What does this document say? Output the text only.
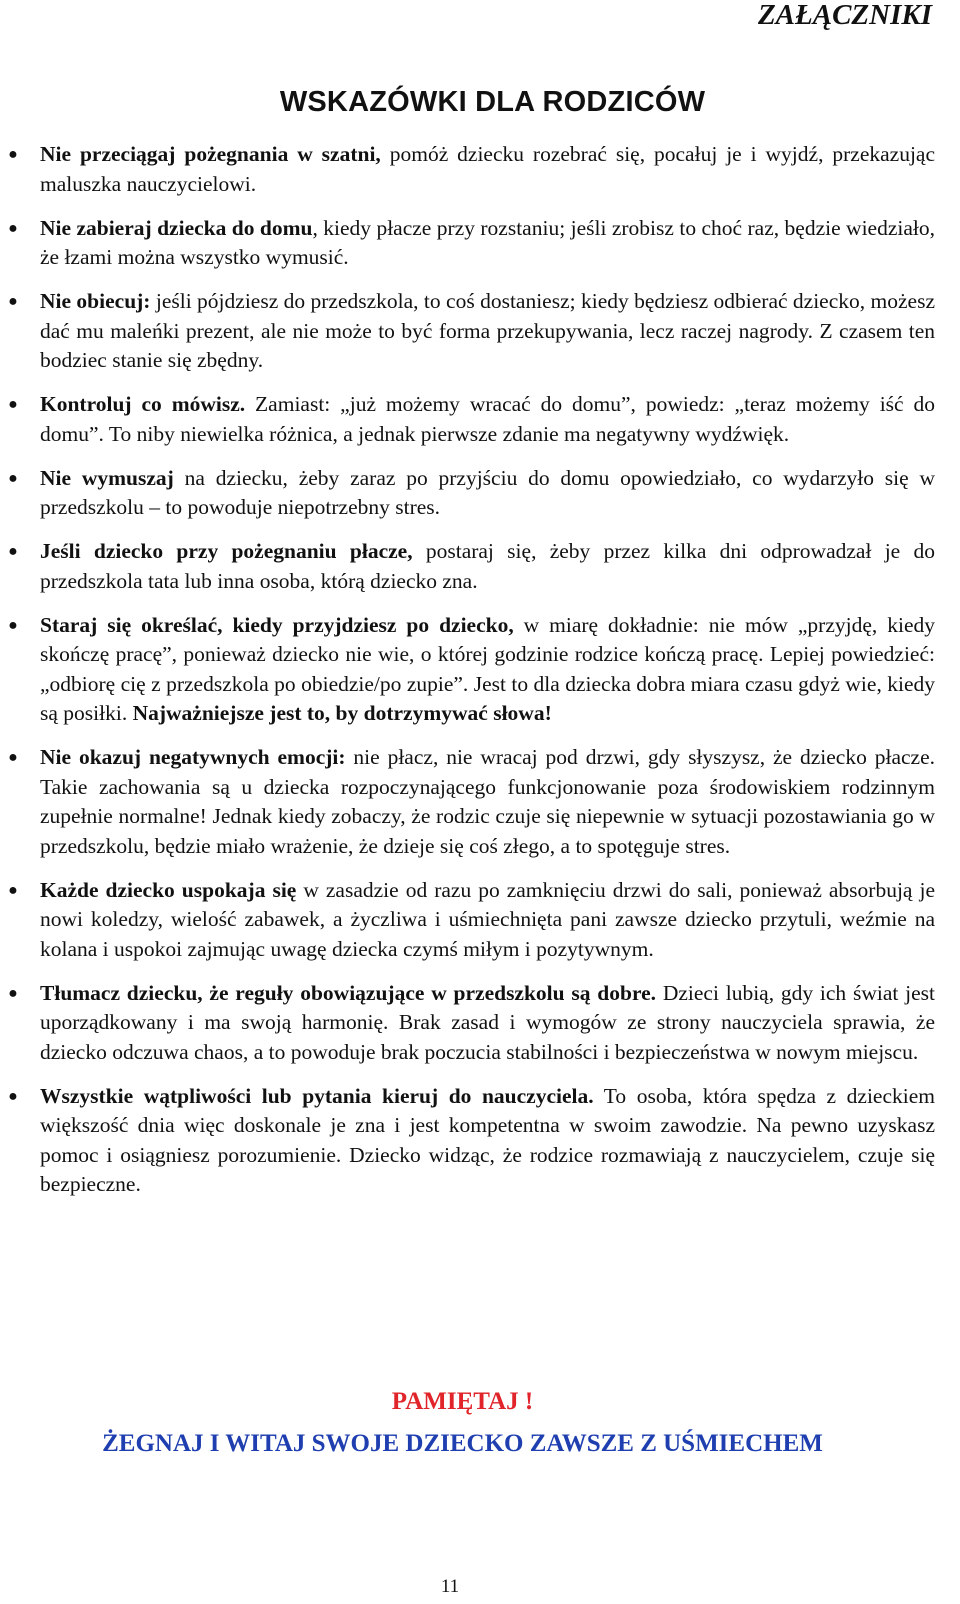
ZAŁĄCZNIKI
WSKAZÓWKI DLA RODZICÓW
● Nie przeciągaj pożegnania w szatni, pomóż dziecku rozebrać się, pocałuj je i wyjdź, przekazując maluszka nauczycielowi.
● Nie zabieraj dziecka do domu, kiedy płacze przy rozstaniu; jeśli zrobisz to choć raz, będzie wiedziało, że łzami można wszystko wymusić.
● Nie obiecuj: jeśli pójdziesz do przedszkola, to coś dostaniesz; kiedy będziesz odbierać dziecko, możesz dać mu maleńki prezent, ale nie może to być forma przekupywania, lecz raczej nagrody. Z czasem ten bodziec stanie się zbędny.
● Kontroluj co mówisz. Zamiast: „już możemy wracać do domu”, powiedz: „teraz możemy iść do domu”. To niby niewielka różnica, a jednak pierwsze zdanie ma negatywny wydźwięk.
● Nie wymuszaj na dziecku, żeby zaraz po przyjściu do domu opowiedziało, co wydarzyło się w przedszkolu – to powoduje niepotrzebny stres.
● Jeśli dziecko przy pożegnaniu płacze, postaraj się, żeby przez kilka dni odprowadzał je do przedszkola tata lub inna osoba, którą dziecko zna.
● Staraj się określać, kiedy przyjdziesz po dziecko, w miarę dokładnie: nie mów „przyjdę, kiedy skończę pracę”, ponieważ dziecko nie wie, o której godzinie rodzice kończą pracę. Lepiej powiedzieć: „odbiorę cię z przedszkola po obiedzie/po zupie”. Jest to dla dziecka dobra miara czasu gdyż wie, kiedy są posiłki. Najważniejsze jest to, by dotrzymywać słowa!
● Nie okazuj negatywnych emocji: nie płacz, nie wracaj pod drzwi, gdy słyszysz, że dziecko płacze. Takie zachowania są u dziecka rozpoczynającego funkcjonowanie poza środowiskiem rodzinnym zupełnie normalne! Jednak kiedy zobaczy, że rodzic czuje się niepewnie w sytuacji pozostawiania go w przedszkolu, będzie miało wrażenie, że dzieje się coś złego, a to spotęguje stres.
● Każde dziecko uspokaja się w zasadzie od razu po zamknięciu drzwi do sali, ponieważ absorbują je nowi koledzy, wielość zabawek, a życzliwa i uśmiechnięta pani zawsze dziecko przytuli, weźmie na kolana i uspokoi zajmując uwagę dziecka czymś miłym i pozytywnym.
● Tłumacz dziecku, że reguły obowiązujące w przedszkolu są dobre. Dzieci lubią, gdy ich świat jest uporządkowany i ma swoją harmonię. Brak zasad i wymogów ze strony nauczyciela sprawia, że dziecko odczuwa chaos, a to powoduje brak poczucia stabilności i bezpieczeństwa w nowym miejscu.
● Wszystkie wątpliwości lub pytania kieruj do nauczyciela. To osoba, która spędza z dzieckiem większość dnia więc doskonale je zna i jest kompetentna w swoim zawodzie. Na pewno uzyskasz pomoc i osiągniesz porozumienie. Dziecko widząc, że rodzice rozmawiają z nauczycielem, czuje się bezpieczne.
PAMIĘTAJ !
ŻEGNAJ I WITAJ SWOJE DZIECKO ZAWSZE Z UŚMIECHEM
11
